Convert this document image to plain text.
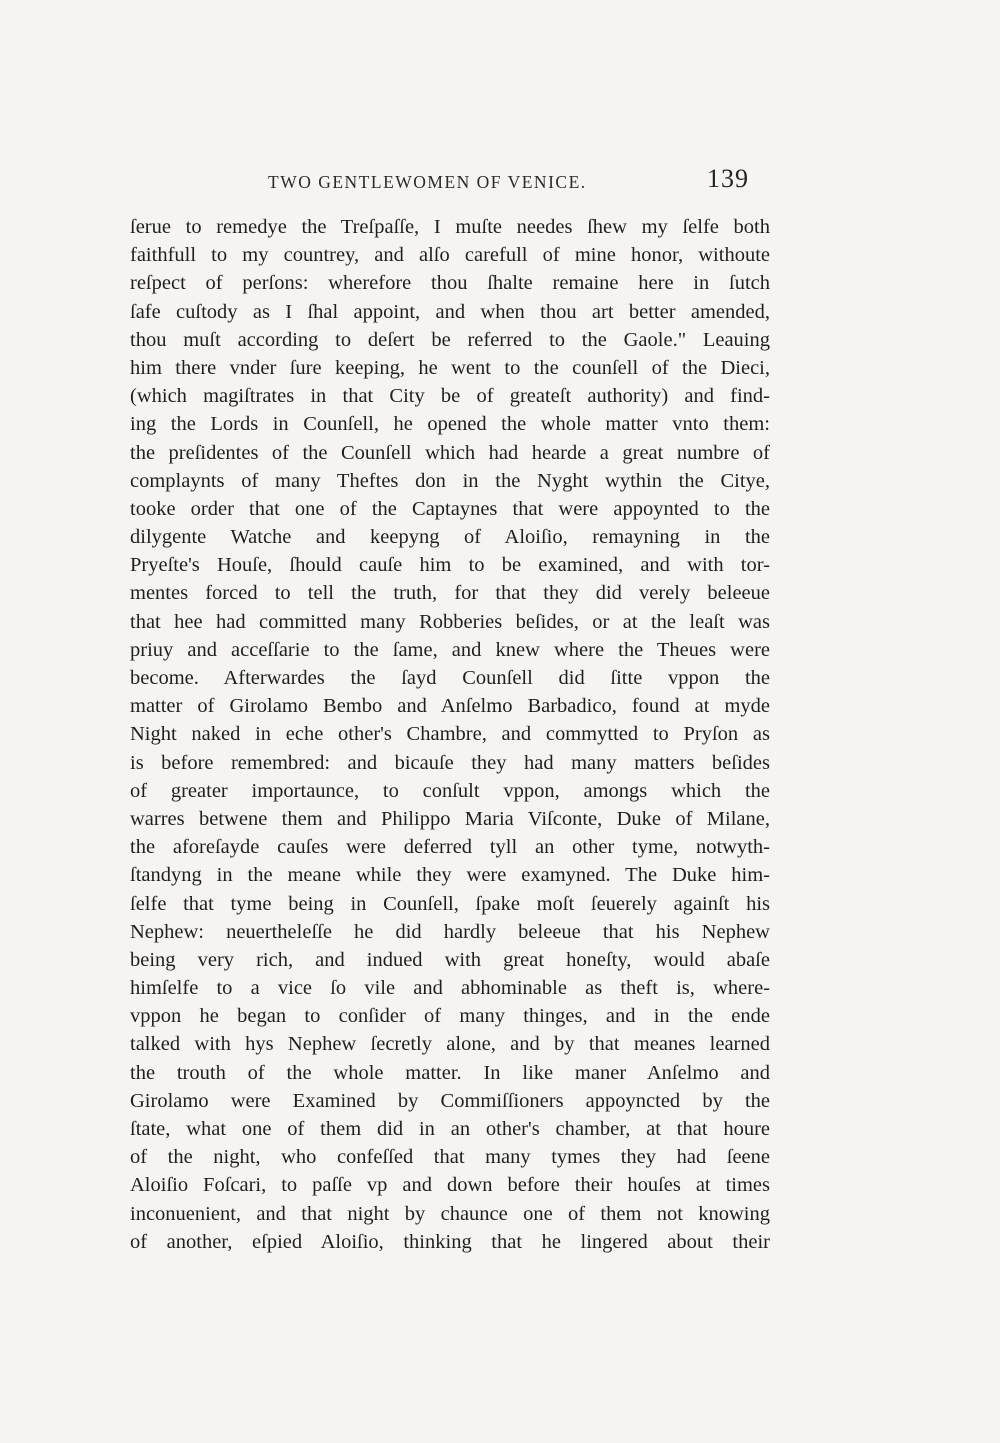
TWO GENTLEWOMEN OF VENICE.	139
ſerue to remedye the Treſpaſſe, I muſte needes ſhew my ſelfe both
faithfull to my countrey, and alſo carefull of mine honor, withoute
reſpect of perſons: wherefore thou ſhalte remaine here in ſutch
ſafe cuſtody as I ſhal appoint, and when thou art better amended,
thou muſt according to deſert be referred to the Gaole." Leauing
him there vnder ſure keeping, he went to the counſell of the Dieci,
(which magiſtrates in that City be of greateſt authority) and find-
ing the Lords in Counſell, he opened the whole matter vnto them:
the preſidentes of the Counſell which had hearde a great numbre of
complaynts of many Theftes don in the Nyght wythin the Citye,
tooke order that one of the Captaynes that were appoynted to the
dilygente Watche and keepyng of Aloiſio, remayning in the
Pryeſte's Houſe, ſhould cauſe him to be examined, and with tor-
mentes forced to tell the truth, for that they did verely beleeue
that hee had committed many Robberies beſides, or at the leaſt was
priuy and acceſſarie to the ſame, and knew where the Theues were
become. Afterwardes the ſayd Counſell did ſitte vppon the
matter of Girolamo Bembo and Anſelmo Barbadico, found at myde
Night naked in eche other's Chambre, and commytted to Pryſon as
is before remembred: and bicauſe they had many matters beſides
of greater importaunce, to conſult vppon, amongs which the
warres betwene them and Philippo Maria Viſconte, Duke of Milane,
the aforeſayde cauſes were deferred tyll an other tyme, notwyth-
ſtandyng in the meane while they were examyned. The Duke him-
ſelfe that tyme being in Counſell, ſpake moſt ſeuerely againſt his
Nephew: neuertheleſſe he did hardly beleeue that his Nephew
being very rich, and indued with great honeſty, would abaſe
himſelfe to a vice ſo vile and abhominable as theft is, where-
vppon he began to conſider of many thinges, and in the ende
talked with hys Nephew ſecretly alone, and by that meanes learned
the trouth of the whole matter. In like maner Anſelmo and
Girolamo were Examined by Commiſſioners appoyncted by the
ſtate, what one of them did in an other's chamber, at that houre
of the night, who confeſſed that many tymes they had ſeene
Aloiſio Foſcari, to paſſe vp and down before their houſes at times
inconuenient, and that night by chaunce one of them not knowing
of another, eſpied Aloiſio, thinking that he lingered about their
